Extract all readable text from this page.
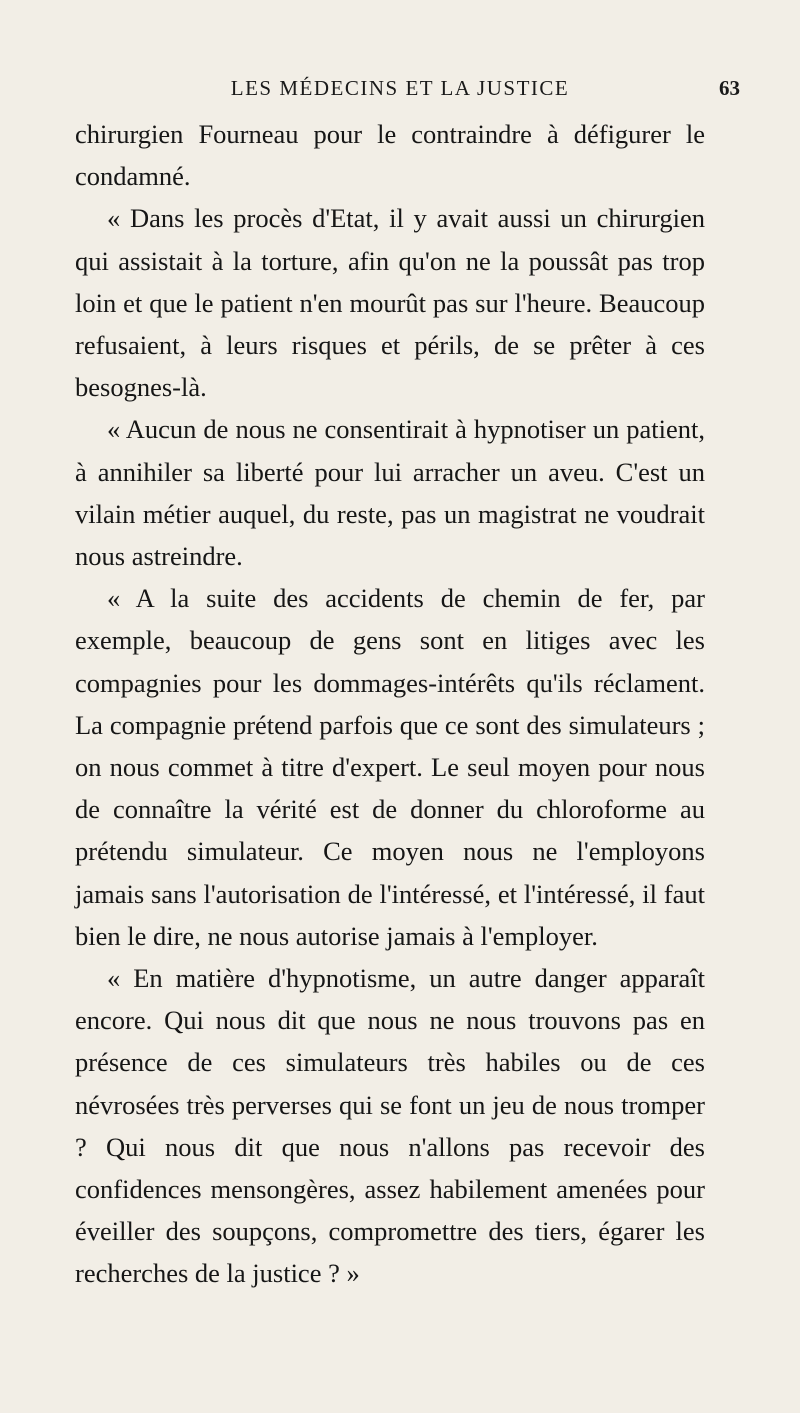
LES MÉDECINS ET LA JUSTICE	63

chirurgien Fourneau pour le contraindre à défigurer le condamné.

« Dans les procès d'Etat, il y avait aussi un chirurgien qui assistait à la torture, afin qu'on ne la poussât pas trop loin et que le patient n'en mourût pas sur l'heure. Beaucoup refusaient, à leurs risques et périls, de se prêter à ces besognes-là.

« Aucun de nous ne consentirait à hypnotiser un patient, à annihiler sa liberté pour lui arracher un aveu. C'est un vilain métier auquel, du reste, pas un magistrat ne voudrait nous astreindre.

« A la suite des accidents de chemin de fer, par exemple, beaucoup de gens sont en litiges avec les compagnies pour les dommages-intérêts qu'ils réclament. La compagnie prétend parfois que ce sont des simulateurs ; on nous commet à titre d'expert. Le seul moyen pour nous de connaître la vérité est de donner du chloroforme au prétendu simulateur. Ce moyen nous ne l'employons jamais sans l'autorisation de l'intéressé, et l'intéressé, il faut bien le dire, ne nous autorise jamais à l'employer.

« En matière d'hypnotisme, un autre danger apparaît encore. Qui nous dit que nous ne nous trouvons pas en présence de ces simulateurs très habiles ou de ces névrosées très perverses qui se font un jeu de nous tromper ? Qui nous dit que nous n'allons pas recevoir des confidences mensongères, assez habilement amenées pour éveiller des soupçons, compromettre des tiers, égarer les recherches de la justice ? »
